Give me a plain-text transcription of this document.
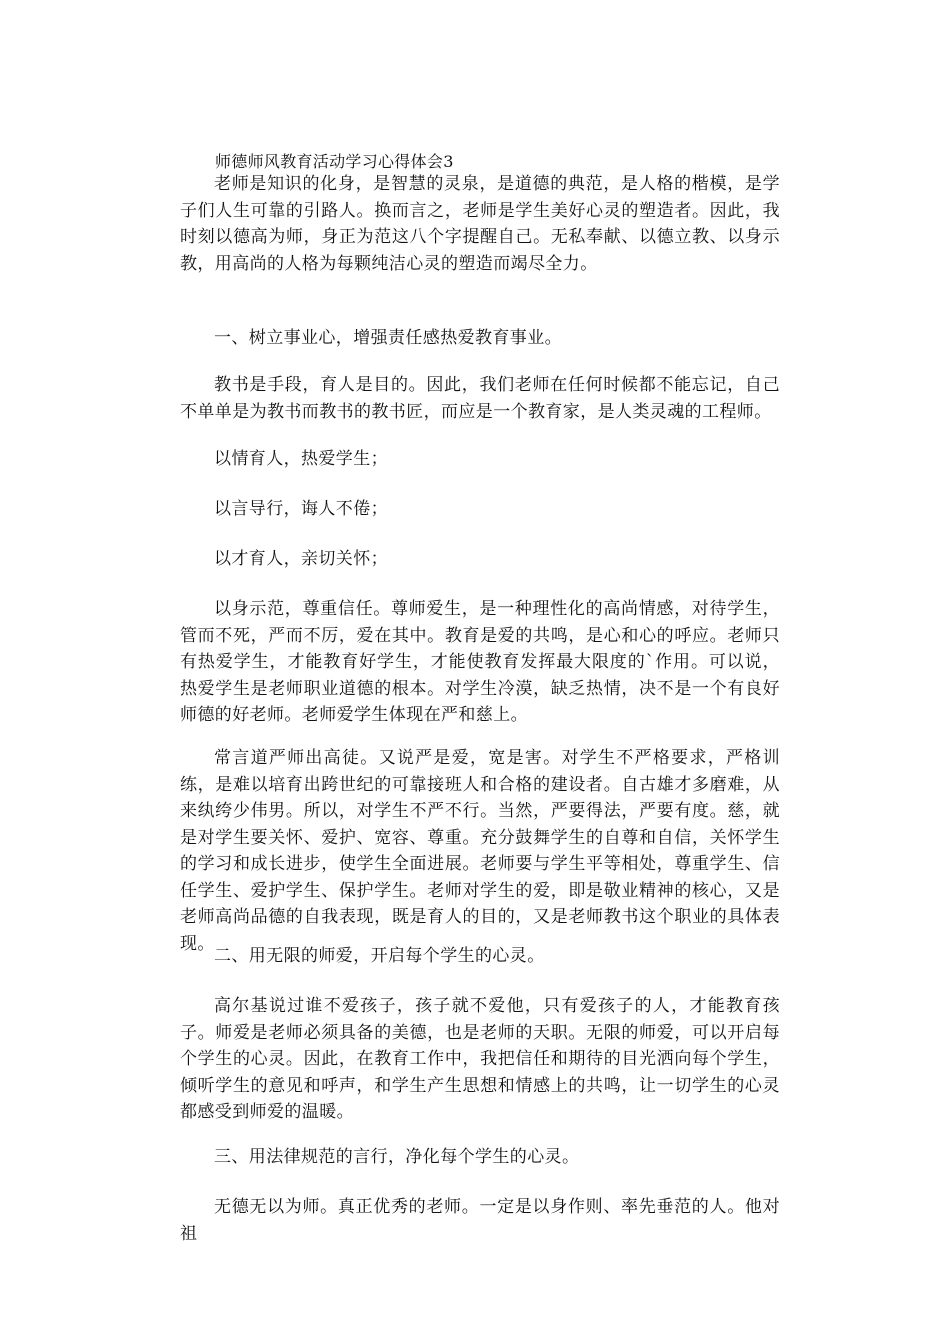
师德师风教育活动学习心得体会3

老师是知识的化身，是智慧的灵泉，是道德的典范，是人格的楷模，是学子们人生可靠的引路人。换而言之，老师是学生美好心灵的塑造者。因此，我时刻以德高为师，身正为范这八个字提醒自己。无私奉献、以德立教、以身示教，用高尚的人格为每颗纯洁心灵的塑造而竭尽全力。

一、树立事业心，增强责任感热爱教育事业。

教书是手段，育人是目的。因此，我们老师在任何时候都不能忘记，自己不单单是为教书而教书的教书匠，而应是一个教育家，是人类灵魂的工程师。

以情育人，热爱学生；

以言导行，诲人不倦；

以才育人，亲切关怀；

以身示范，尊重信任。尊师爱生，是一种理性化的高尚情感，对待学生，管而不死，严而不厉，爱在其中。教育是爱的共鸣，是心和心的呼应。老师只有热爱学生，才能教育好学生，才能使教育发挥最大限度的`作用。可以说，热爱学生是老师职业道德的根本。对学生冷漠，缺乏热情，决不是一个有良好师德的好老师。老师爱学生体现在严和慈上。

常言道严师出高徒。又说严是爱，宽是害。对学生不严格要求，严格训练，是难以培育出跨世纪的可靠接班人和合格的建设者。自古雄才多磨难，从来纨绔少伟男。所以，对学生不严不行。当然，严要得法，严要有度。慈，就是对学生要关怀、爱护、宽容、尊重。充分鼓舞学生的自尊和自信，关怀学生的学习和成长进步，使学生全面进展。老师要与学生平等相处，尊重学生、信任学生、爱护学生、保护学生。老师对学生的爱，即是敬业精神的核心，又是老师高尚品德的自我表现，既是育人的目的，又是老师教书这个职业的具体表现。

二、用无限的师爱，开启每个学生的心灵。

高尔基说过谁不爱孩子，孩子就不爱他，只有爱孩子的人，才能教育孩子。师爱是老师必须具备的美德，也是老师的天职。无限的师爱，可以开启每个学生的心灵。因此，在教育工作中，我把信任和期待的目光洒向每个学生，倾听学生的意见和呼声，和学生产生思想和情感上的共鸣，让一切学生的心灵都感受到师爱的温暖。

三、用法律规范的言行，净化每个学生的心灵。

无德无以为师。真正优秀的老师。一定是以身作则、率先垂范的人。他对祖
